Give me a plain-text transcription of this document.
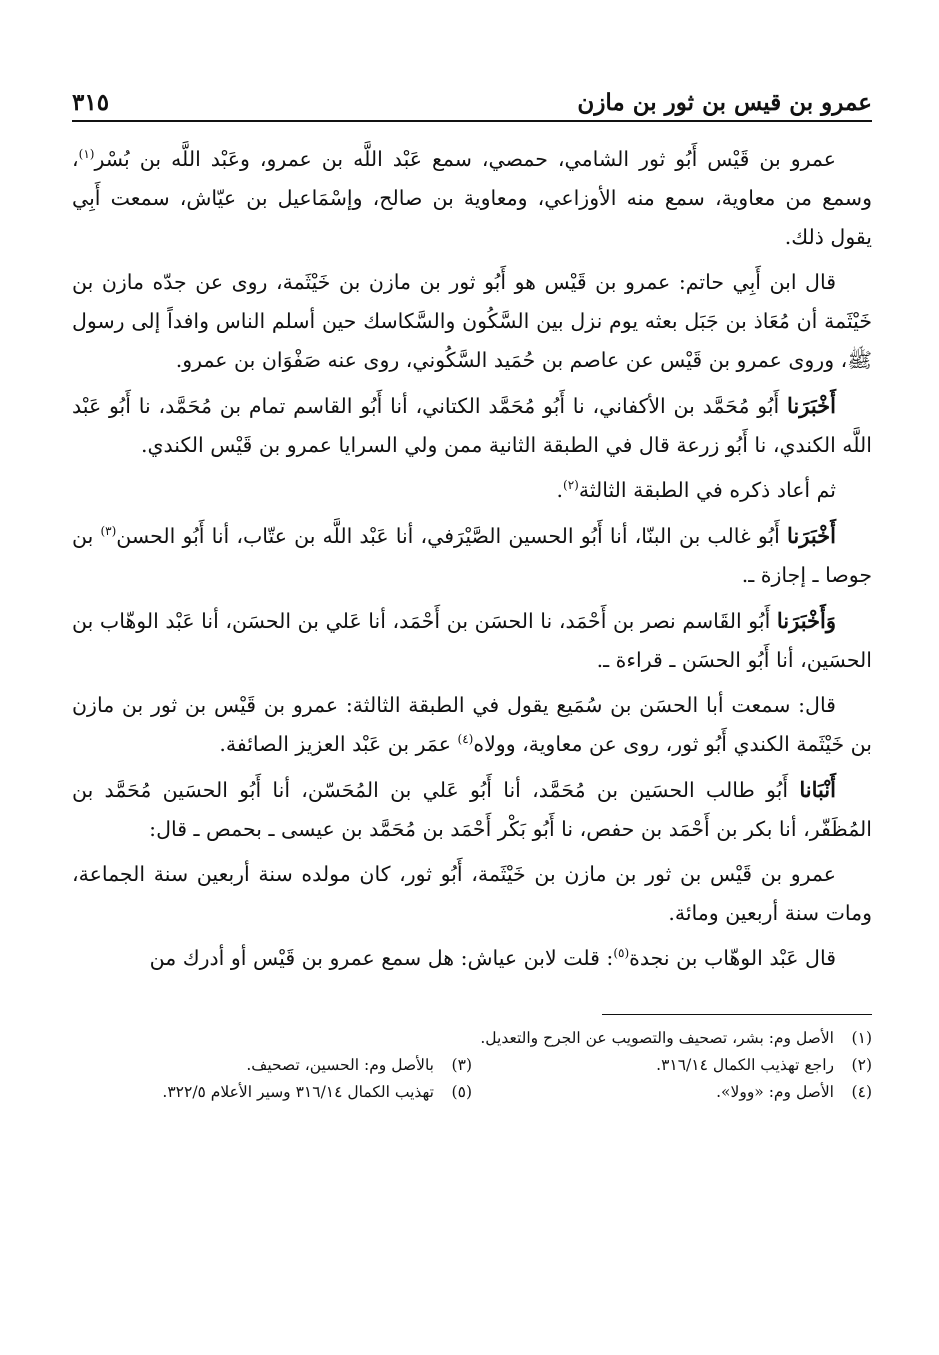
عمرو بن قيس بن ثور بن مازن
٣١٥

عمرو بن قَيْس أَبُو ثور الشامي، حمصي، سمع عَبْد اللَّه بن عمرو، وعَبْد اللَّه بن بُسْر$^{(١)}$، وسمع من معاوية، سمع منه الأوزاعي، ومعاوية بن صالح، وإسْمَاعيل بن عيّاش، سمعت أَبِي يقول ذلك.

قال ابن أَبِي حاتم: عمرو بن قَيْس هو أَبُو ثور بن مازن بن خَيْثَمة، روى عن جدّه مازن بن خَيْثَمة أن مُعَاذ بن جَبَل بعثه يوم نزل بين السَّكُون والسَّكاسك حين أسلم الناس وافداً إلى رسول ﷺ، وروى عمرو بن قَيْس عن عاصم بن حُمَيد السَّكُوني، روى عنه صَفْوَان بن عمرو.

أَخْبَرَنا أَبُو مُحَمَّد بن الأكفاني، نا أَبُو مُحَمَّد الكتاني، أنا أَبُو القاسم تمام بن مُحَمَّد، نا أَبُو عَبْد اللَّه الكندي، نا أَبُو زرعة قال في الطبقة الثانية ممن ولي السرايا عمرو بن قَيْس الكندي.

ثم أعاد ذكره في الطبقة الثالثة$^{(٢)}$.

أَخْبَرَنا أَبُو غالب بن البنّا، أنا أَبُو الحسين الصَّيْرَفي، أنا عَبْد اللَّه بن عتّاب، أنا أَبُو الحسن$^{(٣)}$ بن جوصا ـ إجازة ـ.

وَأَخْبَرَنا أَبُو القَاسم نصر بن أَحْمَد، نا الحسَن بن أَحْمَد، أنا عَلي بن الحسَن، أنا عَبْد الوهّاب بن الحسَين، أنا أَبُو الحسَن ـ قراءة ـ.

قال: سمعت أبا الحسَن بن سُمَيع يقول في الطبقة الثالثة: عمرو بن قَيْس بن ثور بن مازن بن خَيْثَمة الكندي أَبُو ثور، روى عن معاوية، وولاه$^{(٤)}$ عمَر بن عَبْد العزيز الصائفة.

أَنْبَانا أَبُو طالب الحسَين بن مُحَمَّد، أنا أَبُو عَلي بن المُحَسّن، أنا أَبُو الحسَين مُحَمَّد بن المُظَفّر، أنا بكر بن أَحْمَد بن حفص، نا أَبُو بَكْر أَحْمَد بن مُحَمَّد بن عيسى ـ بحمص ـ قال:

عمرو بن قَيْس بن ثور بن مازن بن خَيْثَمة، أَبُو ثور، كان مولده سنة أربعين سنة الجماعة، ومات سنة أربعين ومائة.

قال عَبْد الوهّاب بن نجدة$^{(٥)}$: قلت لابن عياش: هل سمع عمرو بن قَيْس أو أدرك من

(١)
الأصل وم: بشر، تصحيف والتصويب عن الجرح والتعديل.
(٢)
راجع تهذيب الكمال ٣١٦/١٤.
(٣)
بالأصل وم: الحسين، تصحيف.
(٤)
الأصل وم: «وولا».
(٥)
تهذيب الكمال ٣١٦/١٤ وسير الأعلام ٣٢٢/٥.
